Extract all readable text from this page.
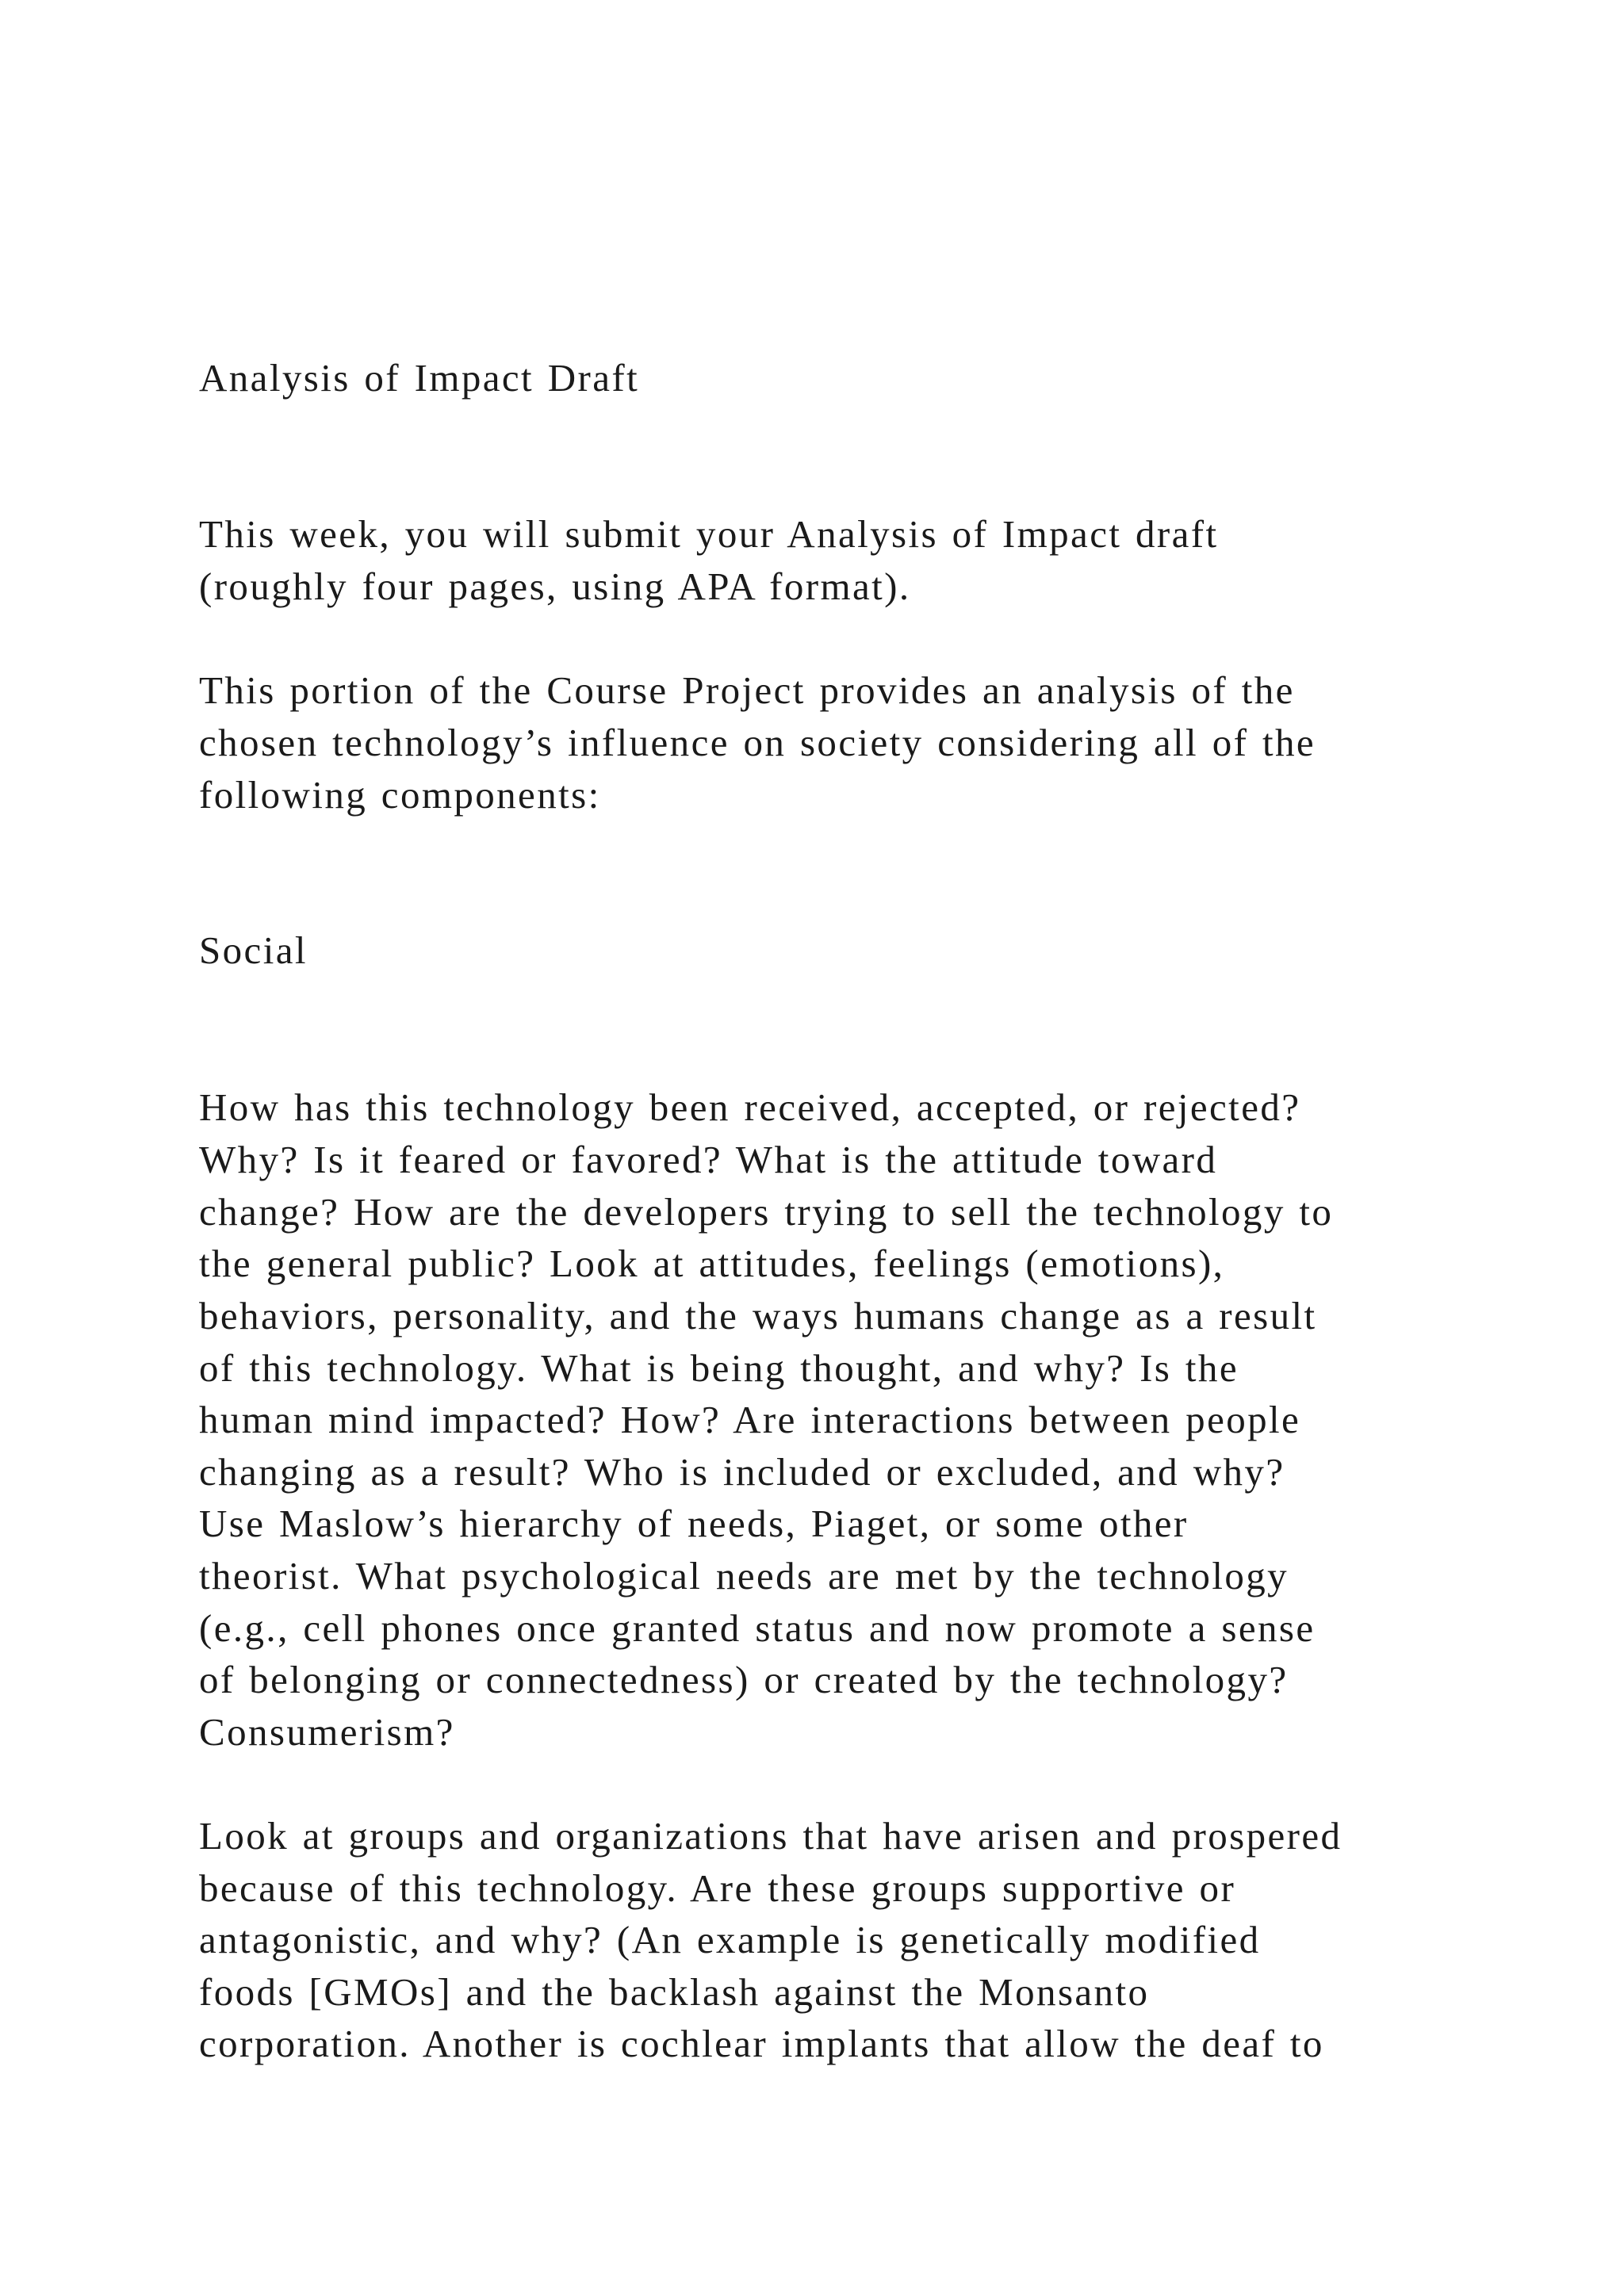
Analysis of Impact Draft

This week, you will submit your Analysis of Impact draft

(roughly four pages, using APA format).

This portion of the Course Project provides an analysis of the

chosen technology’s influence on society considering all of the

following components:

Social

How has this technology been received, accepted, or rejected?

Why? Is it feared or favored? What is the attitude toward

change? How are the developers trying to sell the technology to

the general public? Look at attitudes, feelings (emotions),

behaviors, personality, and the ways humans change as a result

of this technology. What is being thought, and why? Is the

human mind impacted? How? Are interactions between people

changing as a result? Who is included or excluded, and why?

Use Maslow’s hierarchy of needs, Piaget, or some other

theorist. What psychological needs are met by the technology

(e.g., cell phones once granted status and now promote a sense

of belonging or connectedness) or created by the technology?

Consumerism?

Look at groups and organizations that have arisen and prospered

because of this technology. Are these groups supportive or

antagonistic, and why? (An example is genetically modified

foods [GMOs] and the backlash against the Monsanto

corporation. Another is cochlear implants that allow the deaf to
